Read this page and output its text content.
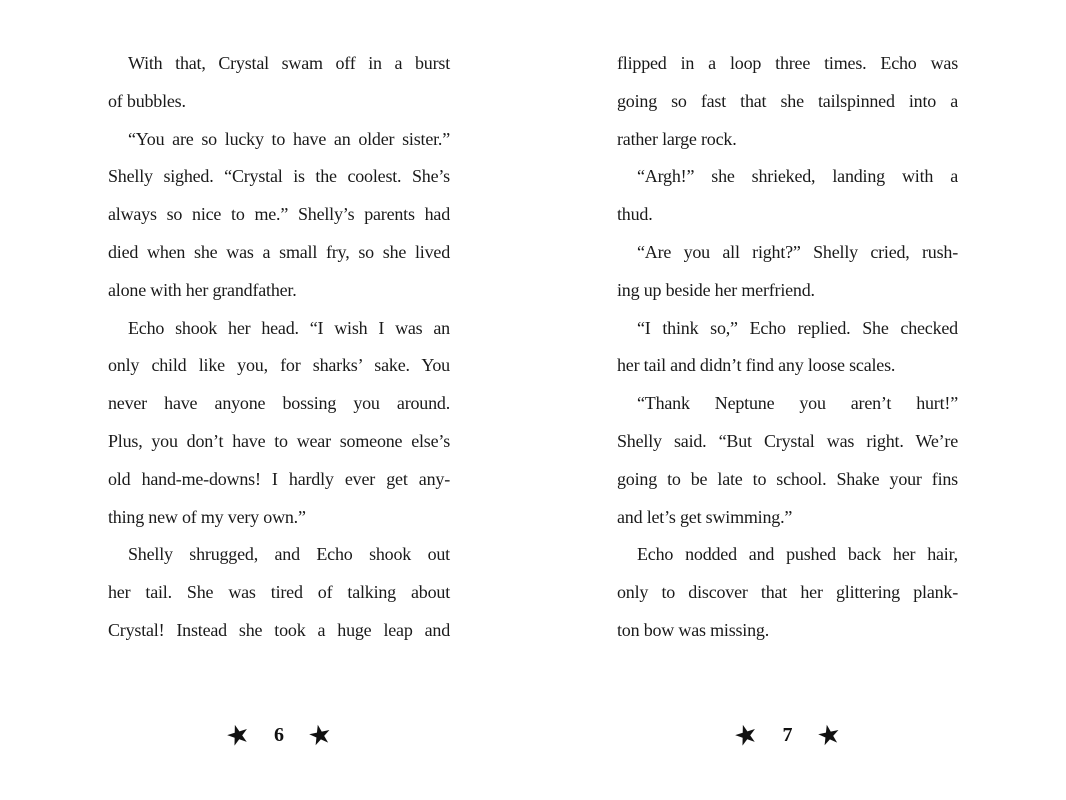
With that, Crystal swam off in a burst
of bubbles.
“You are so lucky to have an older sister.”
Shelly sighed. “Crystal is the coolest. She’s
always so nice to me.” Shelly’s parents had
died when she was a small fry, so she lived
alone with her grandfather.
Echo shook her head. “I wish I was an
only child like you, for sharks’ sake. You
never have anyone bossing you around.
Plus, you don’t have to wear someone else’s
old hand-me-downs! I hardly ever get any-
thing new of my very own.”
Shelly shrugged, and Echo shook out
her tail. She was tired of talking about
Crystal! Instead she took a huge leap and
★ 6 ★
flipped in a loop three times. Echo was
going so fast that she tailspinned into a
rather large rock.
“Argh!” she shrieked, landing with a
thud.
“Are you all right?” Shelly cried, rush-
ing up beside her merfriend.
“I think so,” Echo replied. She checked
her tail and didn’t find any loose scales.
“Thank Neptune you aren’t hurt!”
Shelly said. “But Crystal was right. We’re
going to be late to school. Shake your fins
and let’s get swimming.”
Echo nodded and pushed back her hair,
only to discover that her glittering plank-
ton bow was missing.
★ 7 ★
